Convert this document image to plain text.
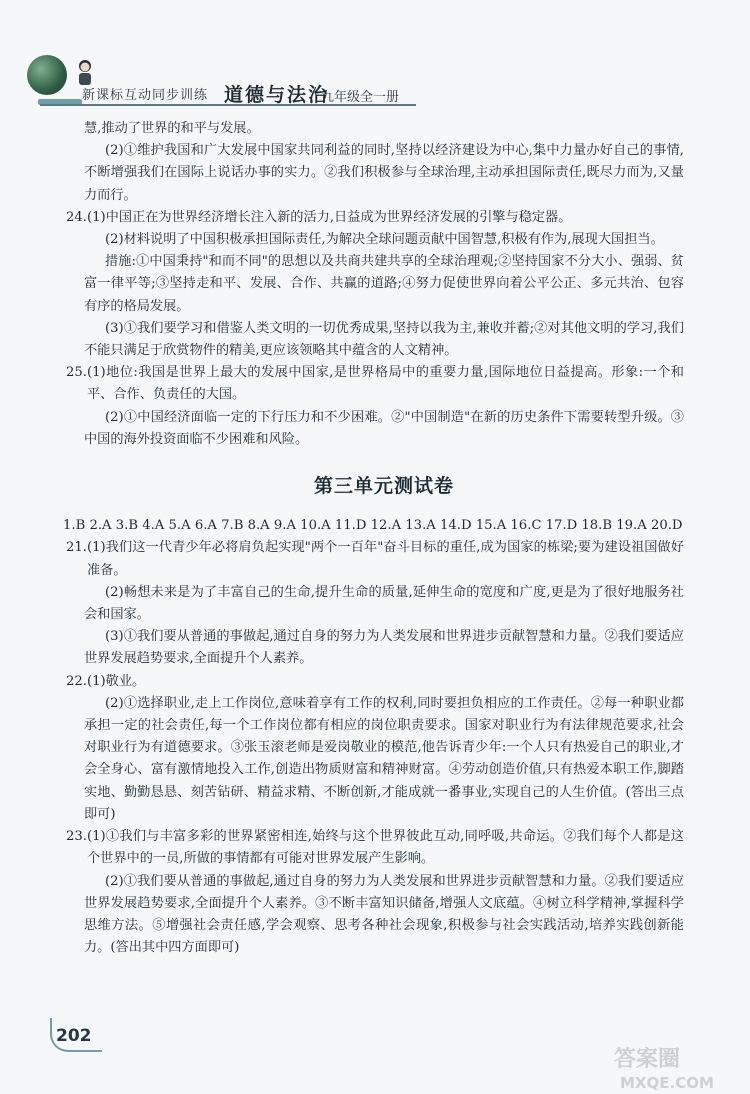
新课标互动同步训练 道德与法治
九年级全一册

慧,推动了世界的和平与发展。

(2)①维护我国和广大发展中国家共同利益的同时,坚持以经济建设为中心,集中力量办好自己的事情,不断增强我们在国际上说话办事的实力。②我们积极参与全球治理,主动承担国际责任,既尽力而为,又量力而行。

24.(1)中国正在为世界经济增长注入新的活力,日益成为世界经济发展的引擎与稳定器。

(2)材料说明了中国积极承担国际责任,为解决全球问题贡献中国智慧,积极有作为,展现大国担当。

措施:①中国秉持"和而不同"的思想以及共商共建共享的全球治理观;②坚持国家不分大小、强弱、贫富一律平等;③坚持走和平、发展、合作、共赢的道路;④努力促使世界向着公平公正、多元共治、包容有序的格局发展。

(3)①我们要学习和借鉴人类文明的一切优秀成果,坚持以我为主,兼收并蓄;②对其他文明的学习,我们不能只满足于欣赏物件的精美,更应该领略其中蕴含的人文精神。

25.(1)地位:我国是世界上最大的发展中国家,是世界格局中的重要力量,国际地位日益提高。形象:一个和平、合作、负责任的大国。

(2)①中国经济面临一定的下行压力和不少困难。②"中国制造"在新的历史条件下需要转型升级。③中国的海外投资面临不少困难和风险。

第三单元测试卷

1.B 2.A 3.B 4.A 5.A 6.A 7.B 8.A 9.A 10.A 11.D 12.A 13.A 14.D 15.A 16.C 17.D 18.B 19.A 20.D

21.(1)我们这一代青少年必将肩负起实现"两个一百年"奋斗目标的重任,成为国家的栋梁;要为建设祖国做好准备。

(2)畅想未来是为了丰富自己的生命,提升生命的质量,延伸生命的宽度和广度,更是为了很好地服务社会和国家。

(3)①我们要从普通的事做起,通过自身的努力为人类发展和世界进步贡献智慧和力量。②我们要适应世界发展趋势要求,全面提升个人素养。

22.(1)敬业。

(2)①选择职业,走上工作岗位,意味着享有工作的权利,同时要担负相应的工作责任。②每一种职业都承担一定的社会责任,每一个工作岗位都有相应的岗位职责要求。国家对职业行为有法律规范要求,社会对职业行为有道德要求。③张玉滚老师是爱岗敬业的模范,他告诉青少年:一个人只有热爱自己的职业,才会全身心、富有激情地投入工作,创造出物质财富和精神财富。④劳动创造价值,只有热爱本职工作,脚踏实地、勤勤恳恳、刻苦钻研、精益求精、不断创新,才能成就一番事业,实现自己的人生价值。(答出三点即可)

23.(1)①我们与丰富多彩的世界紧密相连,始终与这个世界彼此互动,同呼吸,共命运。②我们每个人都是这个世界中的一员,所做的事情都有可能对世界发展产生影响。

(2)①我们要从普通的事做起,通过自身的努力为人类发展和世界进步贡献智慧和力量。②我们要适应世界发展趋势要求,全面提升个人素养。③不断丰富知识储备,增强人文底蕴。④树立科学精神,掌握科学思维方法。⑤增强社会责任感,学会观察、思考各种社会现象,积极参与社会实践活动,培养实践创新能力。(答出其中四方面即可)

202
答案圈
MXQE.COM
